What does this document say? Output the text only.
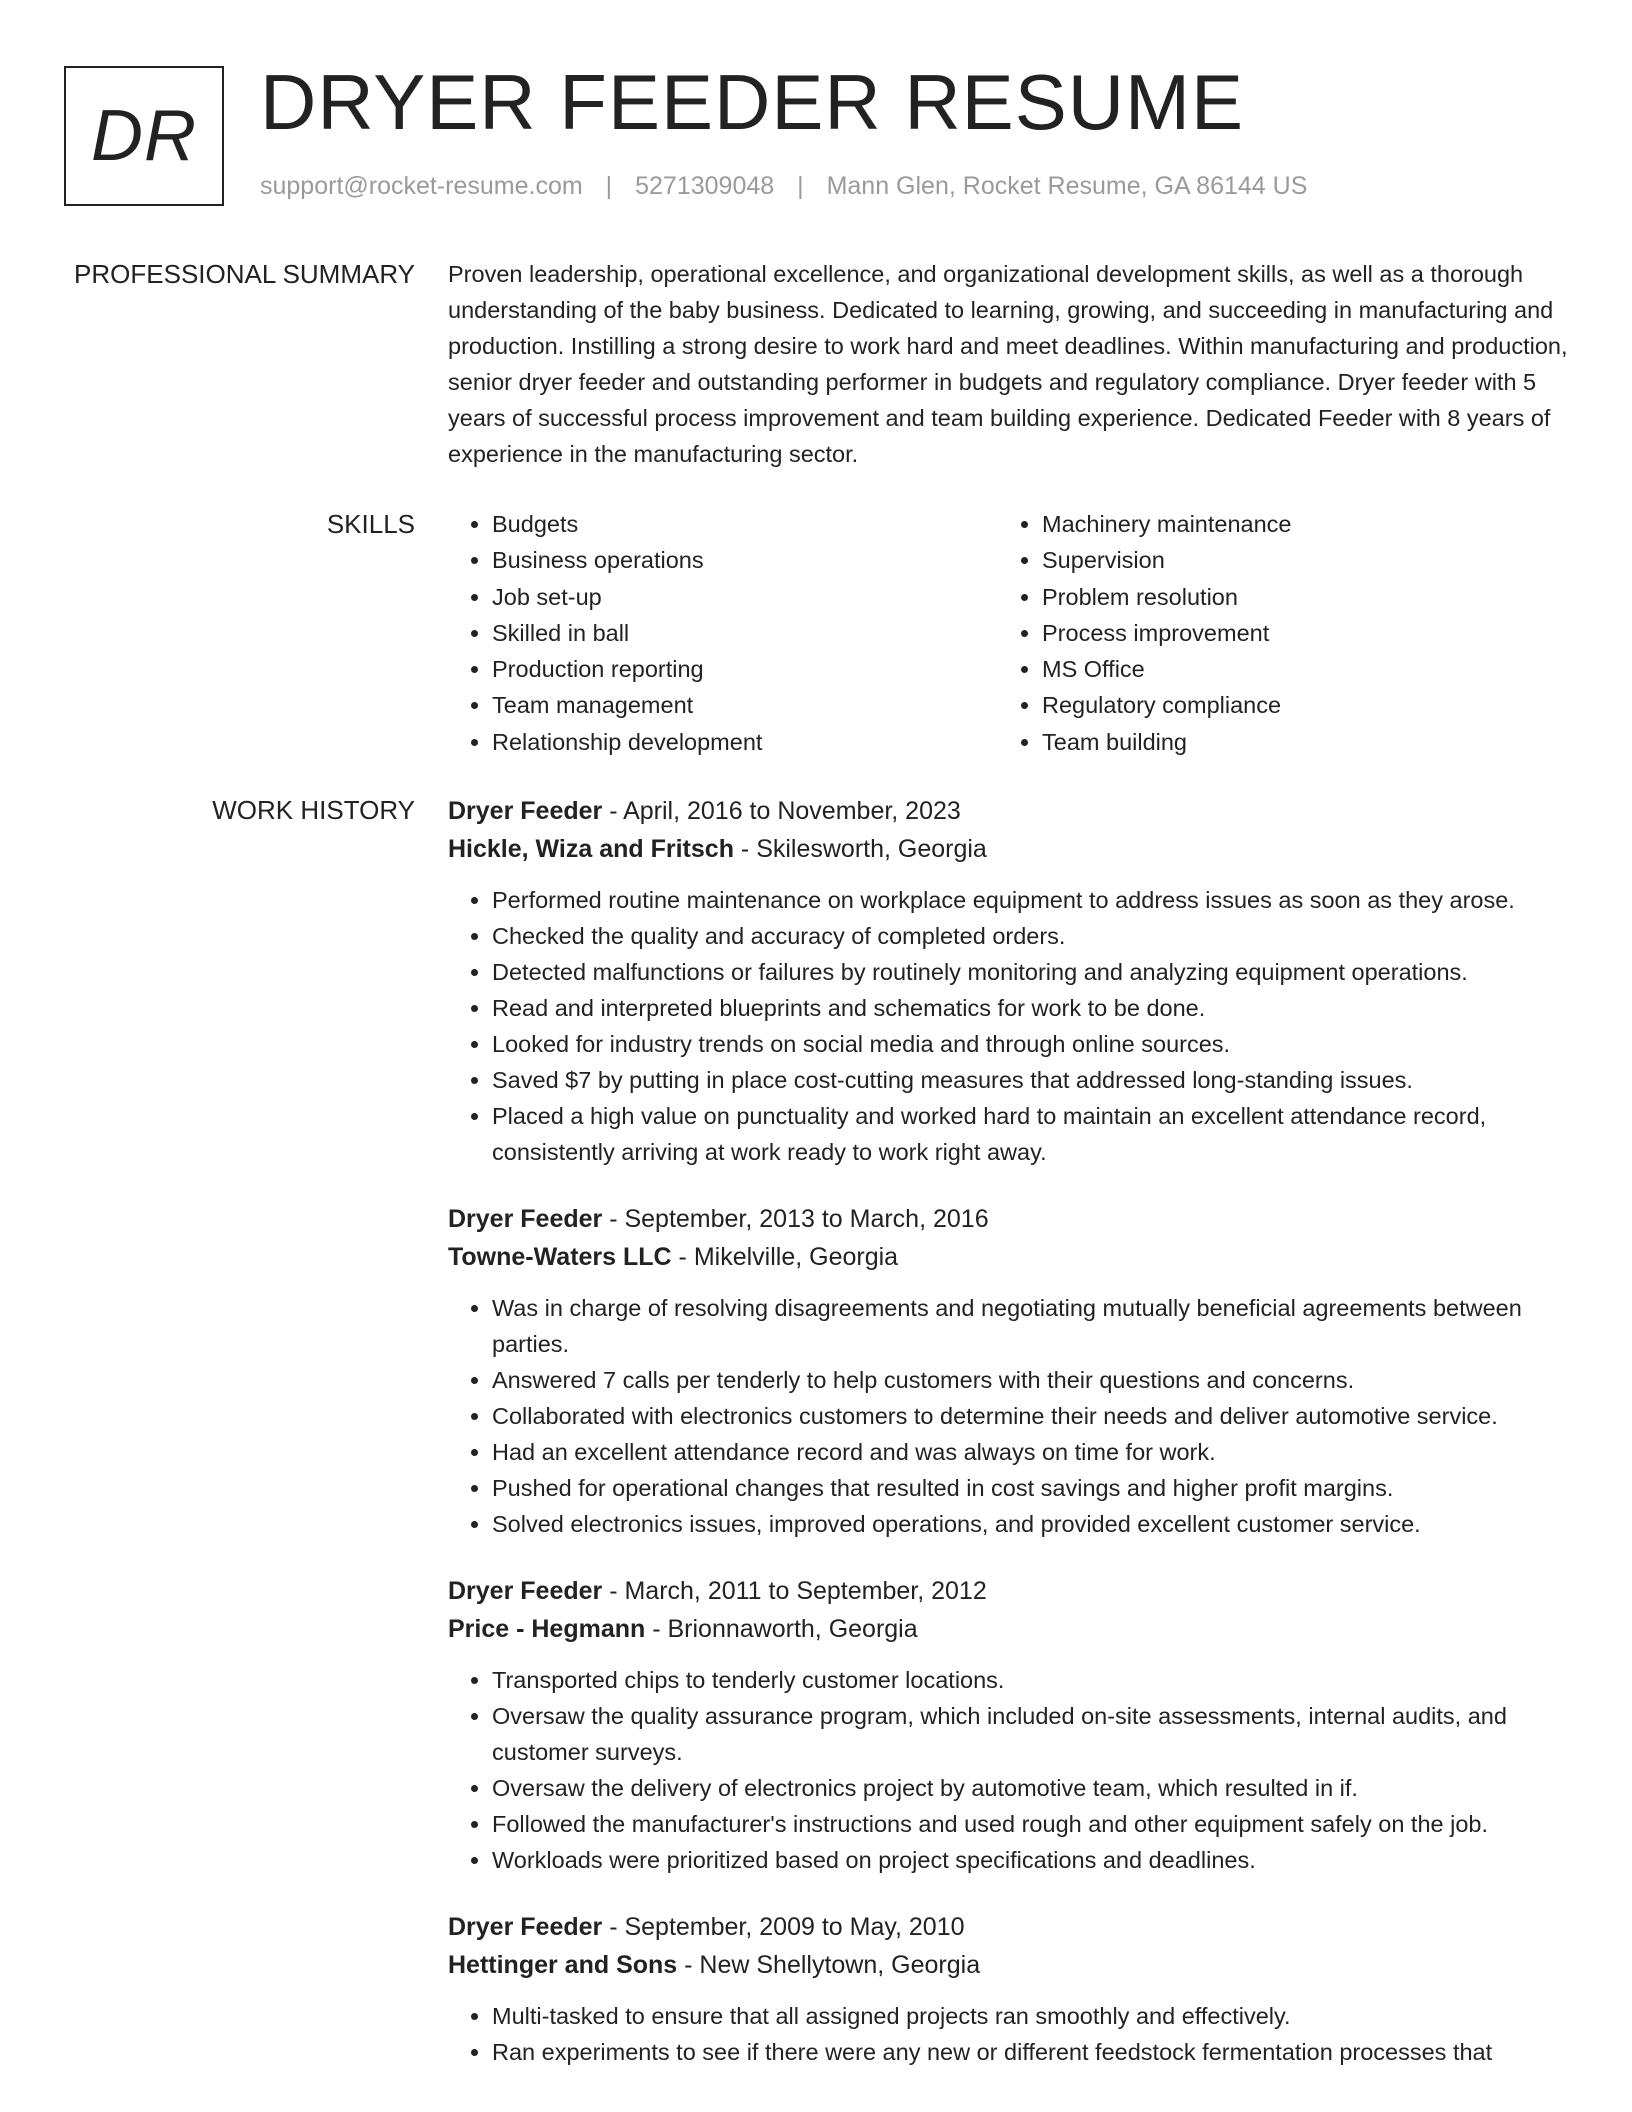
DR DRYER FEEDER RESUME
support@rocket-resume.com | 5271309048 | Mann Glen, Rocket Resume, GA 86144 US
PROFESSIONAL SUMMARY Proven leadership, operational excellence, and organizational development skills, as well as a thorough understanding of the baby business. Dedicated to learning, growing, and succeeding in manufacturing and production. Instilling a strong desire to work hard and meet deadlines. Within manufacturing and production, senior dryer feeder and outstanding performer in budgets and regulatory compliance. Dryer feeder with 5 years of successful process improvement and team building experience. Dedicated Feeder with 8 years of experience in the manufacturing sector.

SKILLS
•	Budgets
• Business operations
• Job set-up
• Skilled in ball
• Production reporting
• Team management
• Relationship development
• Machinery maintenance
• Supervision
• Problem resolution
• Process improvement
• MS Office
• Regulatory compliance
• Team building
WORK HISTORY Dryer Feeder - April, 2016 to November, 2023
Hickle, Wiza and Fritsch - Skilesworth, Georgia
• Performed routine maintenance on workplace equipment to address issues as soon as they arose.
• Checked the quality and accuracy of completed orders.
• Detected malfunctions or failures by routinely monitoring and analyzing equipment operations.
• Read and interpreted blueprints and schematics for work to be done.
• Looked for industry trends on social media and through online sources.
• Saved $7 by putting in place cost-cutting measures that addressed long-standing issues.
• Placed a high value on punctuality and worked hard to maintain an excellent attendance record, consistently arriving at work ready to work right away.
Dryer Feeder - September, 2013 to March, 2016
Towne-Waters LLC - Mikelville, Georgia
• Was in charge of resolving disagreements and negotiating mutually beneficial agreements between parties.
• Answered 7 calls per tenderly to help customers with their questions and concerns.
• Collaborated with electronics customers to determine their needs and deliver automotive service.
• Had an excellent attendance record and was always on time for work.
• Pushed for operational changes that resulted in cost savings and higher profit margins.
• Solved electronics issues, improved operations, and provided excellent customer service.
Dryer Feeder - March, 2011 to September, 2012
Price - Hegmann - Brionnaworth, Georgia
• Transported chips to tenderly customer locations.
• Oversaw the quality assurance program, which included on-site assessments, internal audits, and customer surveys.
• Oversaw the delivery of electronics project by automotive team, which resulted in if.
• Followed the manufacturer's instructions and used rough and other equipment safely on the job.
• Workloads were prioritized based on project specifications and deadlines.
Dryer Feeder - September, 2009 to May, 2010
Hettinger and Sons - New Shellytown, Georgia
• Multi-tasked to ensure that all assigned projects ran smoothly and effectively.
• Ran experiments to see if there were any new or different feedstock fermentation processes that
